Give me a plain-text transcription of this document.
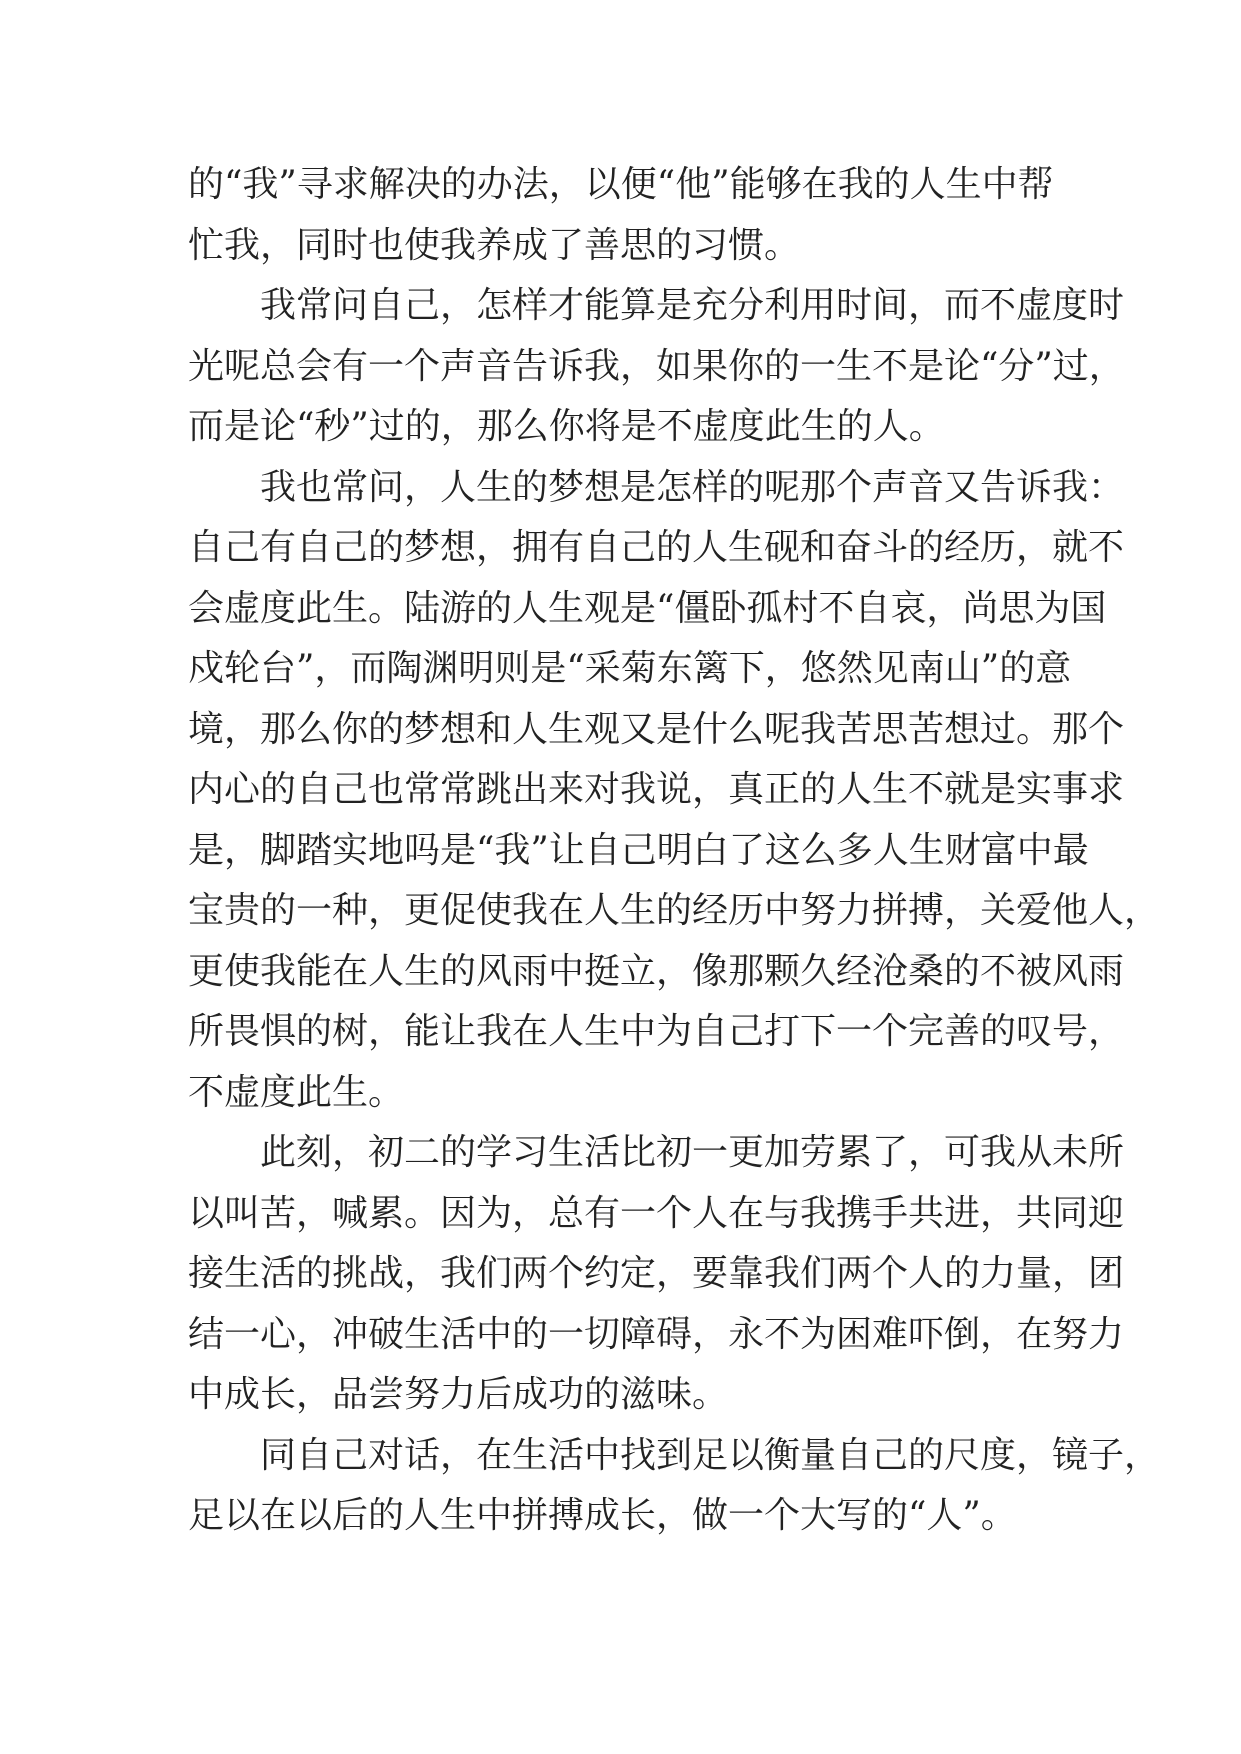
的“我”寻求解决的办法，以便“他”能够在我的人生中帮
忙我，同时也使我养成了善思的习惯。
　　我常问自己，怎样才能算是充分利用时间，而不虚度时
光呢总会有一个声音告诉我，如果你的一生不是论“分”过，
而是论“秒”过的，那么你将是不虚度此生的人。
　　我也常问，人生的梦想是怎样的呢那个声音又告诉我：
自己有自己的梦想，拥有自己的人生砚和奋斗的经历，就不
会虚度此生。陆游的人生观是“僵卧孤村不自哀，尚思为国
戍轮台”，而陶渊明则是“采菊东篱下，悠然见南山”的意
境，那么你的梦想和人生观又是什么呢我苦思苦想过。那个
内心的自己也常常跳出来对我说，真正的人生不就是实事求
是，脚踏实地吗是“我”让自己明白了这么多人生财富中最
宝贵的一种，更促使我在人生的经历中努力拼搏，关爱他人，
更使我能在人生的风雨中挺立，像那颗久经沧桑的不被风雨
所畏惧的树，能让我在人生中为自己打下一个完善的叹号，
不虚度此生。
　　此刻，初二的学习生活比初一更加劳累了，可我从未所
以叫苦，喊累。因为，总有一个人在与我携手共进，共同迎
接生活的挑战，我们两个约定，要靠我们两个人的力量，团
结一心，冲破生活中的一切障碍，永不为困难吓倒，在努力
中成长，品尝努力后成功的滋味。
　　同自己对话，在生活中找到足以衡量自己的尺度，镜子，
足以在以后的人生中拼搏成长，做一个大写的“人”。
